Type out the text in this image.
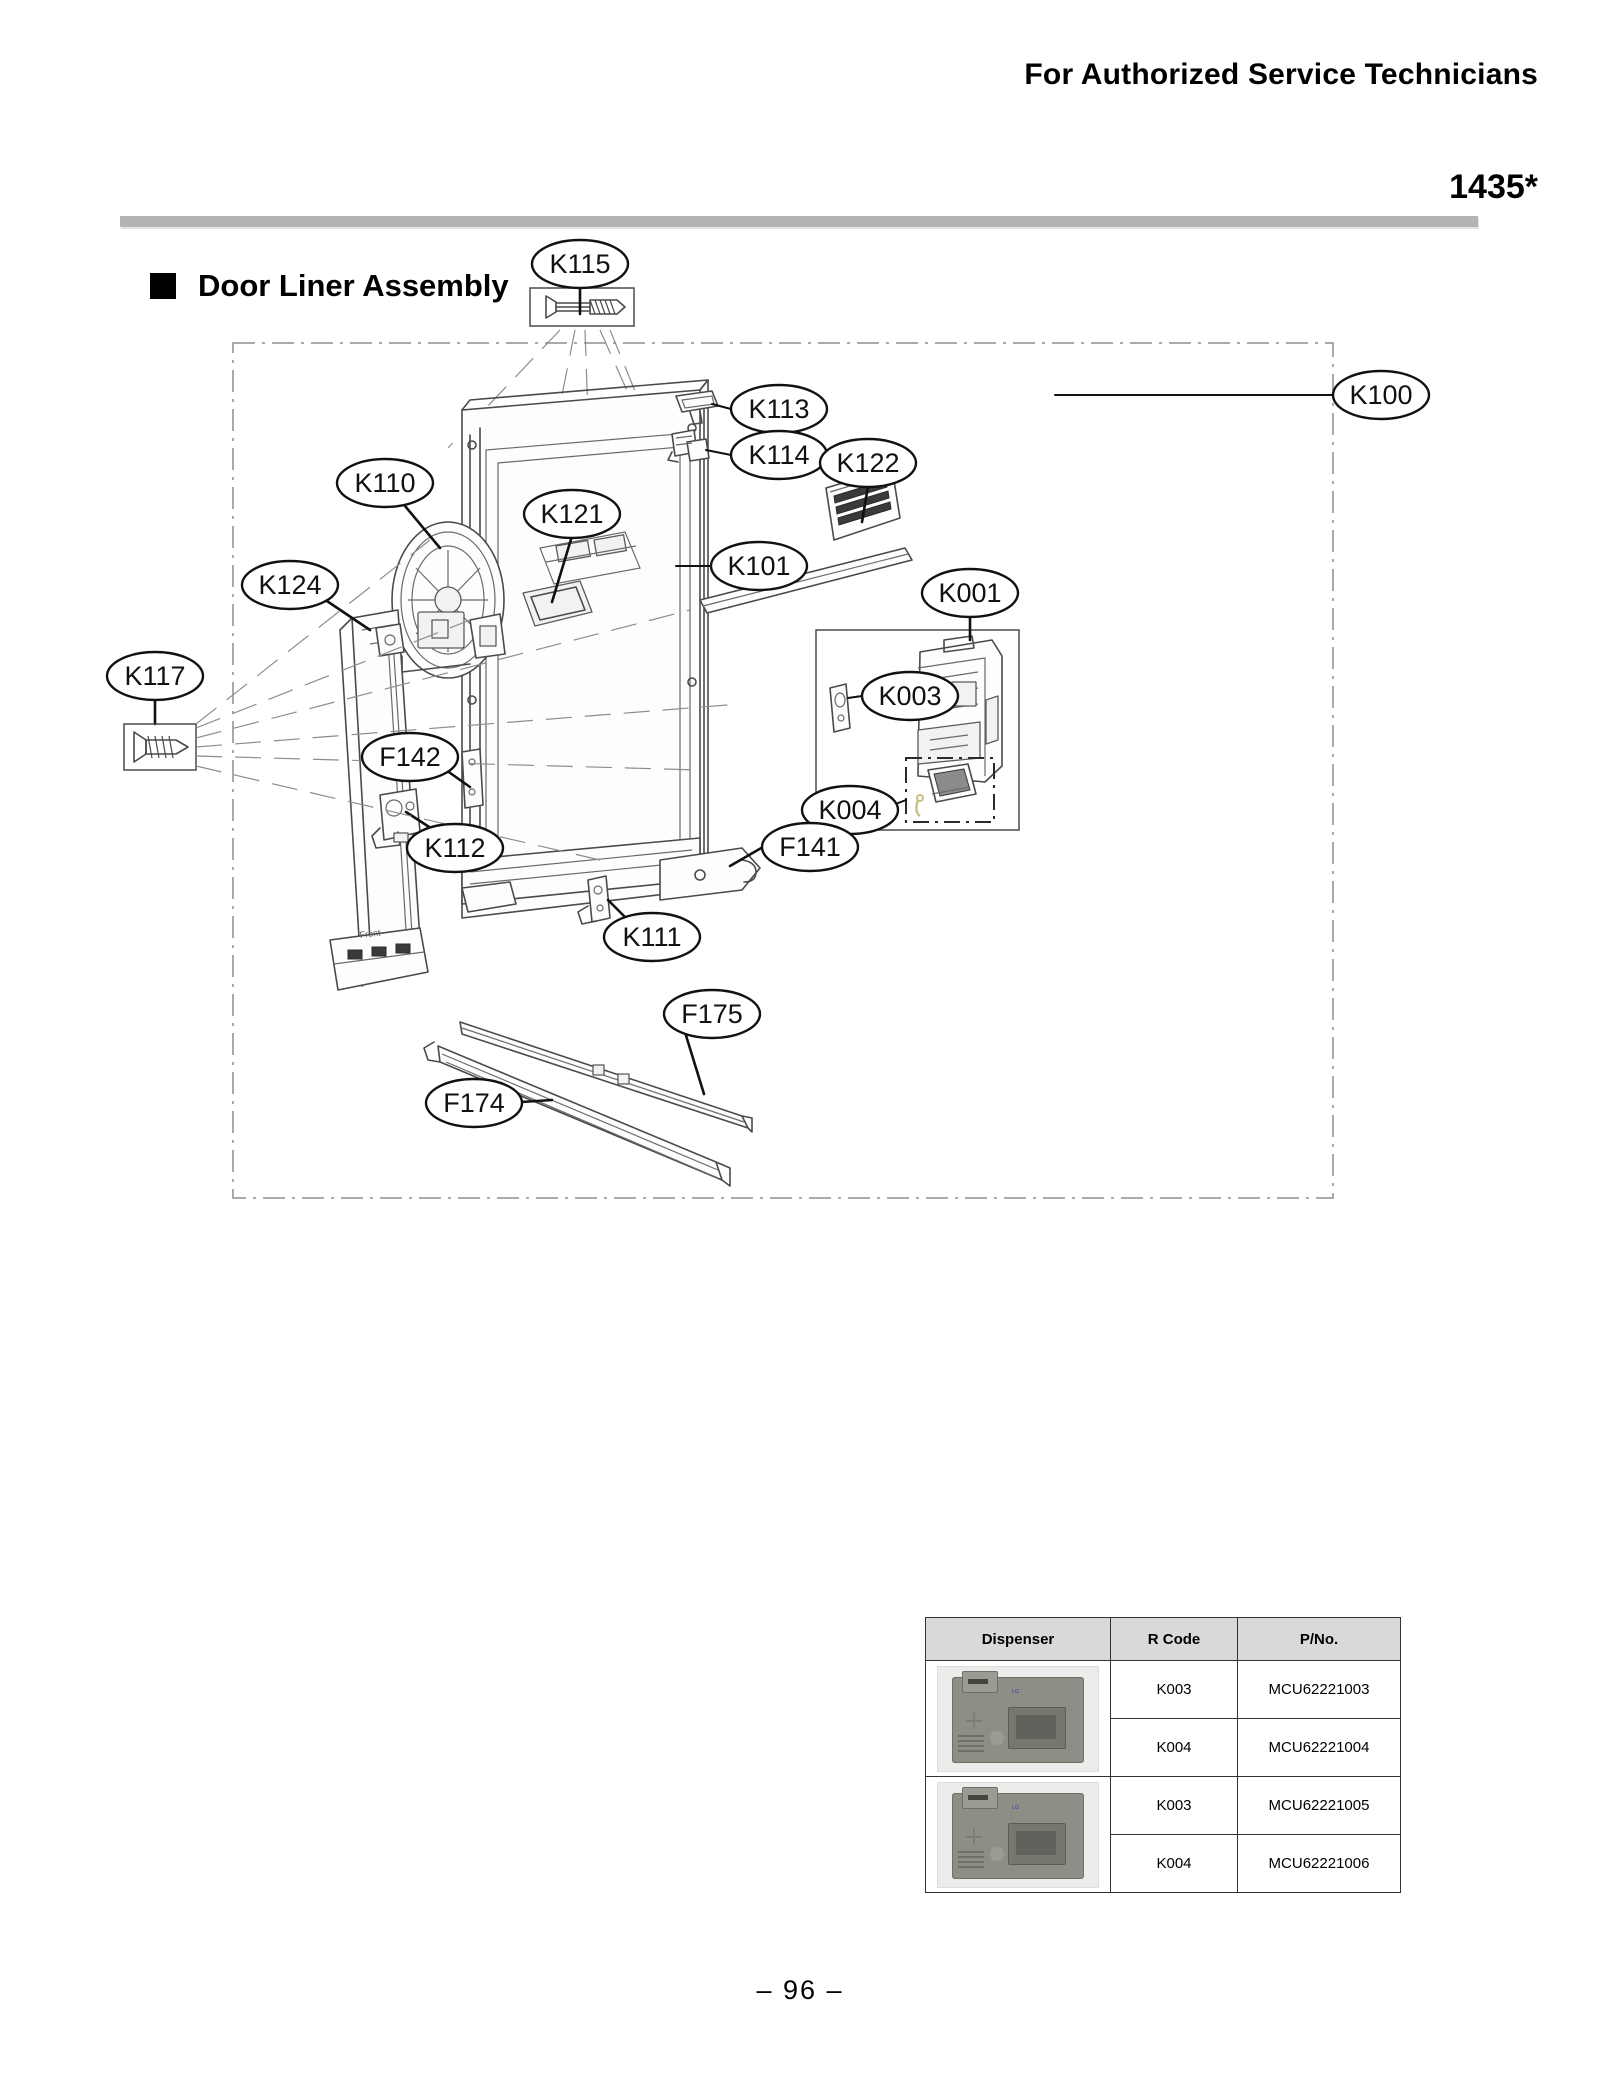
For Authorized Service Technicians
1435*
Door Liner Assembly
Front
K115
K100
K113
K114 K122
K110
K121
K101
K001
K124
K117
K003
F142
K004
K112	F141
K111
F175
F174
Dispenser	R Code	P/No.

LG	K003	MCU62221003
	K004	MCU62221004

LG	K003	MCU62221005
	K004	MCU62221006
– 96 –
